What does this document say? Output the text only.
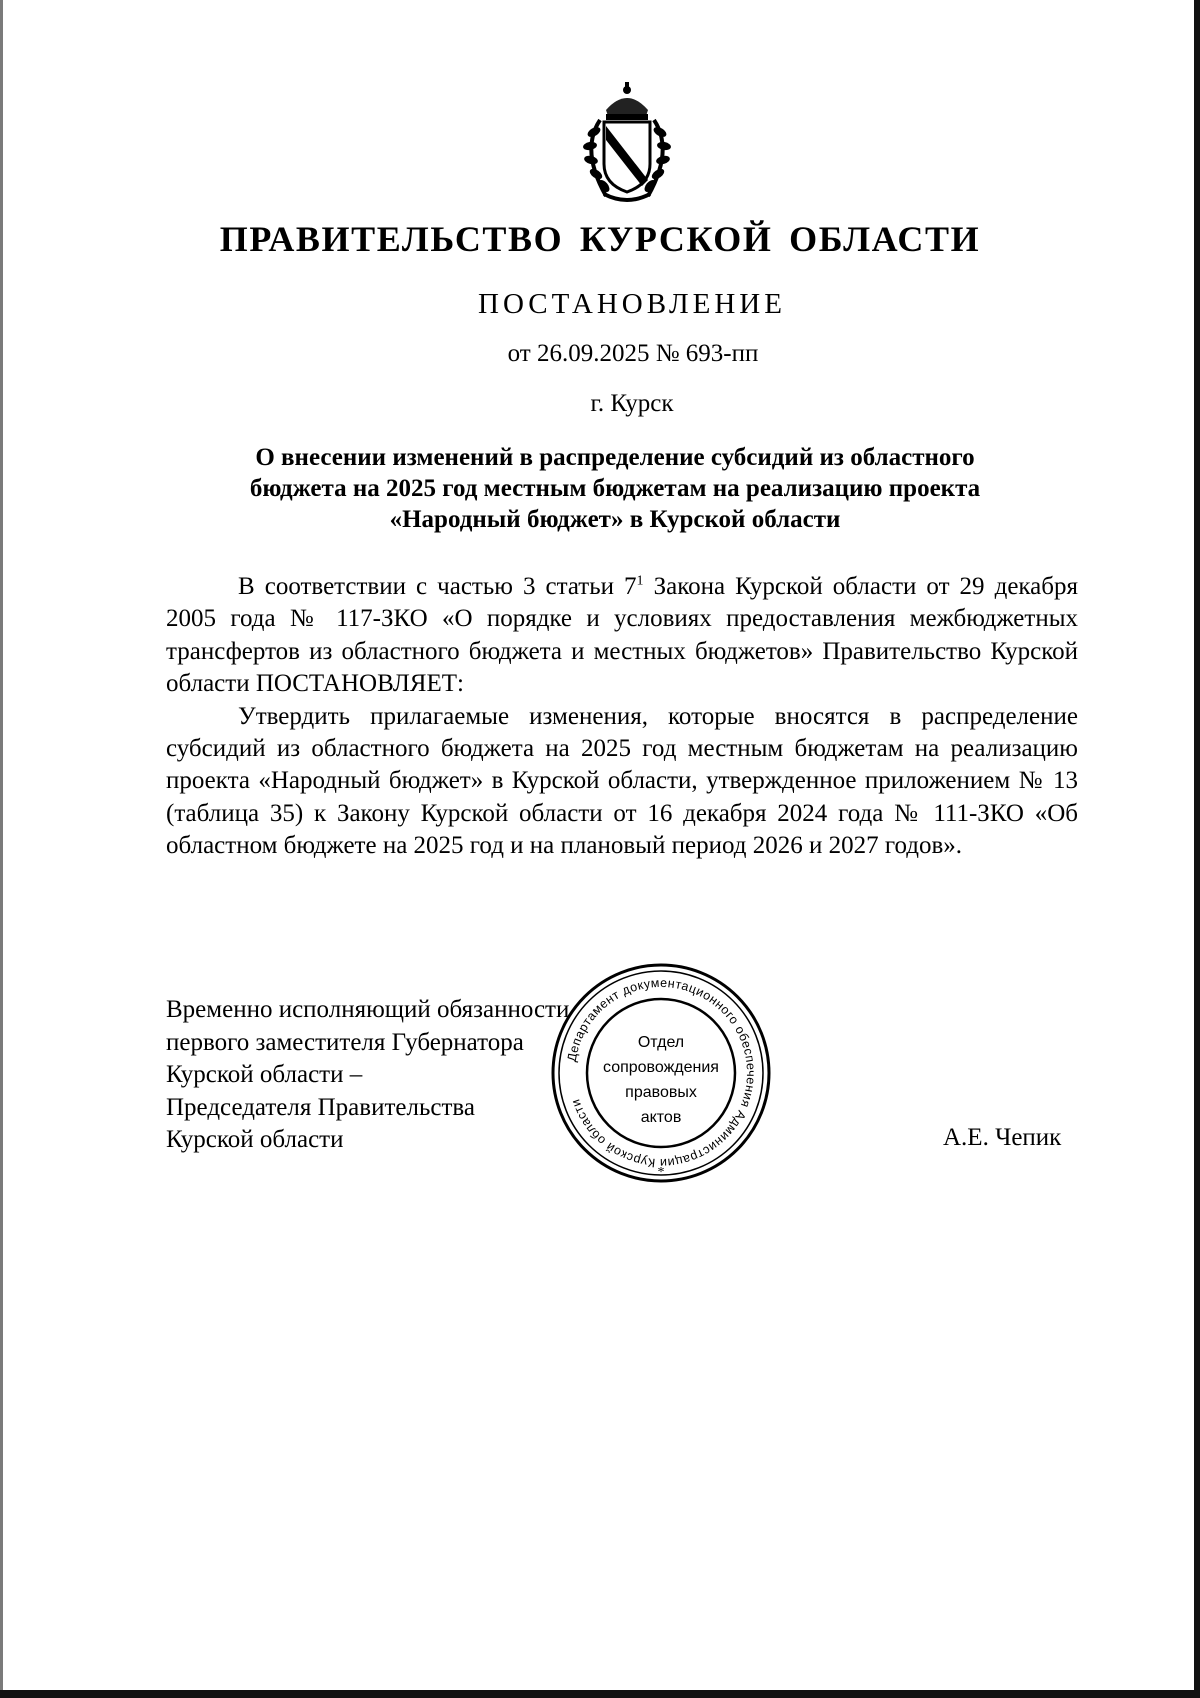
ПРАВИТЕЛЬСТВО КУРСКОЙ ОБЛАСТИ
ПОСТАНОВЛЕНИЕ
от 26.09.2025 № 693-пп
г. Курск
О внесении изменений в распределение субсидий из областного
бюджета на 2025 год местным бюджетам на реализацию проекта
«Народный бюджет» в Курской области

В соответствии с частью 3 статьи $7^1$ Закона Курской области от 29 декабря 2005 года № 117-ЗКО «О порядке и условиях предоставления межбюджетных трансфертов из областного бюджета и местных бюджетов» Правительство Курской области ПОСТАНОВЛЯЕТ:

Утвердить прилагаемые изменения, которые вносятся в распределение субсидий из областного бюджета на 2025 год местным бюджетам на реализацию проекта «Народный бюджет» в Курской области, утвержденное приложением № 13 (таблица 35) к Закону Курской области от 16 декабря 2024 года № 111-ЗКО «Об областном бюджете на 2025 год и на плановый период 2026 и 2027 годов».

Временно исполняющий обязанности
первого заместителя Губернатора
Курской области –
Председателя Правительства
Курской области	А.Е. Чепик
Департамент документационного обеспечения Администрации Курской области
*
Отдел
сопровождения
правовых
актов
